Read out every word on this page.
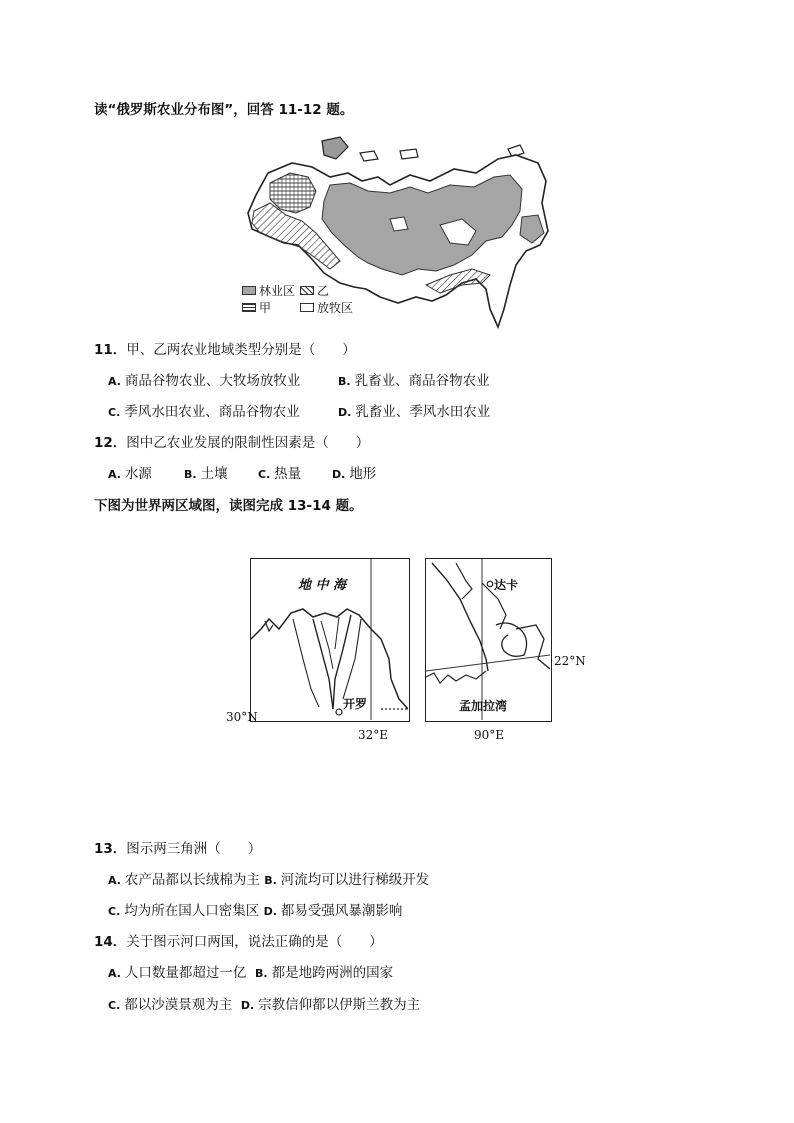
读“俄罗斯农业分布图”，回答 11-12 题。
林业区 乙
甲	放牧区
11．甲、乙两农业地域类型分别是（　　）
A. 商品谷物农业、大牧场放牧业	B. 乳畜业、商品谷物农业
C. 季风水田农业、商品谷物农业	D. 乳畜业、季风水田农业
12．图中乙农业发展的限制性因素是（　　）
A. 水源	B. 土壤	C. 热量	D. 地形
下图为世界两区域图，读图完成 13-14 题。
地 中 海
开罗
30°N
32°E
达卡
孟加拉湾
22°N
90°E
13．图示两三角洲（　　）
A. 农产品都以长绒棉为主 B. 河流均可以进行梯级开发
C. 均为所在国人口密集区 D. 都易受强风暴潮影响
14．关于图示河口两国，说法正确的是（　　）
A. 人口数量都超过一亿 B. 都是地跨两洲的国家
C. 都以沙漠景观为主 D. 宗教信仰都以伊斯兰教为主
